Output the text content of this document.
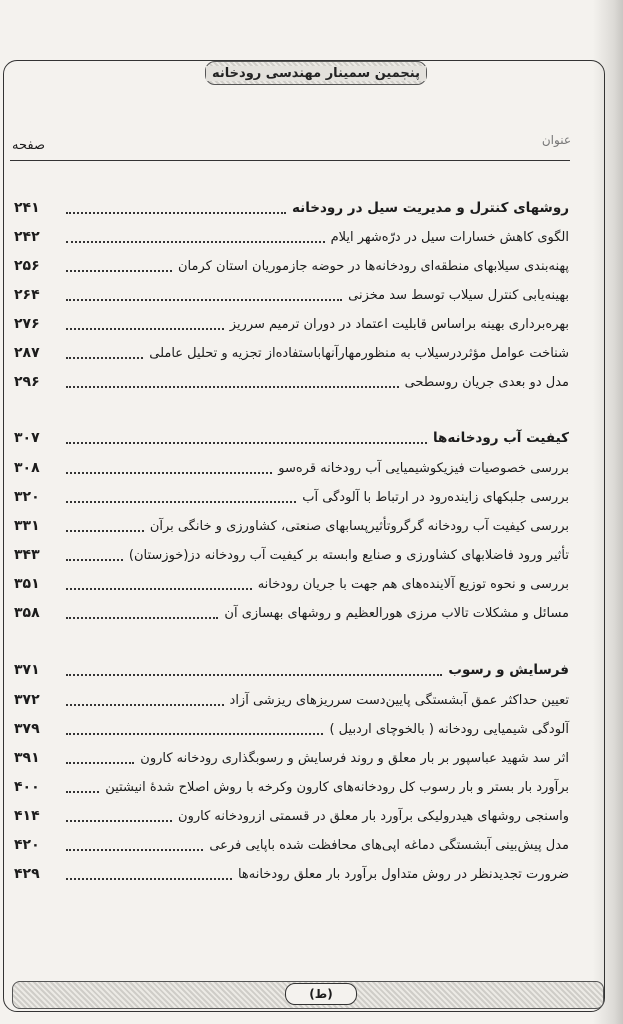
پنجمین سمینار مهندسی رودخانه
صفحه	عنوان
روشهای کنترل و مدیریت سیل در رودخانه
۲۴۱
الگوی کاهش خسارات سیل در درّه‌شهر ایلام
۲۴۲
پهنه‌بندی سیلابهای منطقه‌ای رودخانه‌ها در حوضه جازموریان استان کرمان
۲۵۶
بهینه‌یابی کنترل سیلاب توسط سد مخزنی
۲۶۴
بهره‌برداری بهینه براساس قابلیت اعتماد در دوران ترمیم سرریز
۲۷۶
شناخت عوامل مؤثردرسیلاب به منظورمهارآنهاباستفاده‌از تجزیه و تحلیل عاملی
۲۸۷
مدل دو بعدی جریان روسطحی
۲۹۶
کیفیت آب رودخانه‌ها
۳۰۷
بررسی خصوصیات فیزیکوشیمیایی آب رودخانه قره‌سو
۳۰۸
بررسی جلبکهای زاینده‌رود در ارتباط با آلودگی آب
۳۲۰
بررسی کیفیت آب رودخانه گرگروتأثیرپسابهای صنعتی، کشاورزی و خانگی برآن
۳۳۱
تأثیر ورود فاضلابهای کشاورزی و صنایع وابسته بر کیفیت آب رودخانه دز(خوزستان)
۳۴۳
بررسی و نحوه توزیع آلاینده‌های هم جهت با جریان رودخانه
۳۵۱
مسائل و مشکلات تالاب مرزی هورالعظیم و روشهای بهسازی آن
۳۵۸
فرسایش و رسوب
۳۷۱
تعیین حداکثر عمق آبشستگی پایین‌دست سرریزهای ریزشی آزاد
۳۷۲
آلودگی شیمیایی رودخانه ( بالخوچای اردبیل )
۳۷۹
اثر سد شهید عباسپور بر بار معلق و روند فرسایش و رسوبگذاری رودخانه کارون
۳۹۱
برآورد بار بستر و بار رسوب کل رودخانه‌های کارون وکرخه با روش اصلاح شدهٔ انیشتین
۴۰۰
واسنجی روشهای هیدرولیکی برآورد بار معلق در قسمتی ازرودخانه کارون
۴۱۴
مدل پیش‌بینی آبشستگی دماغه اپی‌های محافظت شده باپایی فرعی
۴۲۰
ضرورت تجدیدنظر در روش متداول برآورد بار معلق رودخانه‌ها
۴۲۹
(ط)
